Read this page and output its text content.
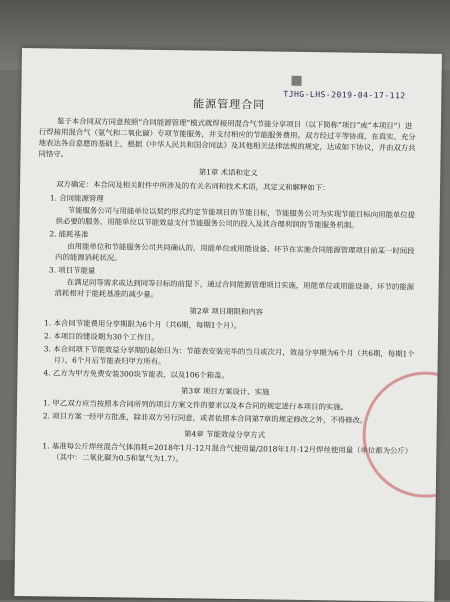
TJHG-LHS-2019-04-17-112
能源管理合同

鉴于本合同双方同意按照“合同能源管理”模式就焊接用混合气节能分享项目（以下简称“项目”或“本项目”）进行焊接用混合气（氩气和二氧化碳）专项节能服务，并支付相应的节能服务费用。双方经过平等协商，在真实、充分地表达各自意愿的基础上，根据《中华人民共和国合同法》及其他相关法律法规的规定，达成如下协议，并由双方共同恪守。

第1章 术语和定义

双方确定：本合同及相关附件中所涉及的有关名词和技术术语，其定义和解释如下：

1. 合同能源管理

节能服务公司与用能单位以契约形式约定节能项目的节能目标，节能服务公司为实现节能目标向用能单位提供必要的服务，用能单位以节能效益支付节能服务公司的投入及其合理利润的节能服务机制。

2. 能耗基准

由用能单位和节能服务公司共同确认的，用能单位或用能设备、环节在实施合同能源管理项目前某一时间段内的能源消耗状况。

3. 项目节能量

在满足同等需求或达到同等目标的前提下，通过合同能源管理项目实施，用能单位或用能设备、环节的能源消耗相对于能耗基准的减少量。

第2章 项目期限和内容

1. 本合同节能费用分享期限为6个月（共6期，每期1个月）。

2. 本项目的建设期为30个工作日。

3. 本合同项下节能效益分享期的起始日为：节能表安装完毕的当月或次月，效益分享期为6个月（共6期，每期1个月），6个月后节能表归甲方所有。

4. 乙方为甲方免费安装300块节能表，以及106个箱盖。

第3章 项目方案设计、实施

1. 甲乙双方应当按照本合同所列的项目方案文件的要求以及本合同的规定进行本项目的实施。

2. 项目方案一经甲方批准，除非双方另行同意，或者依照本合同第7章的规定修改之外，不得修改。

第4章 节能效益分享方式

1. 基准每公斤焊丝混合气体消耗=2018年1月-12月混合气使用量/2018年1月-12月焊丝使用量（单位都为公斤）（其中：二氧化碳为0.5和氩气为1.7）。
